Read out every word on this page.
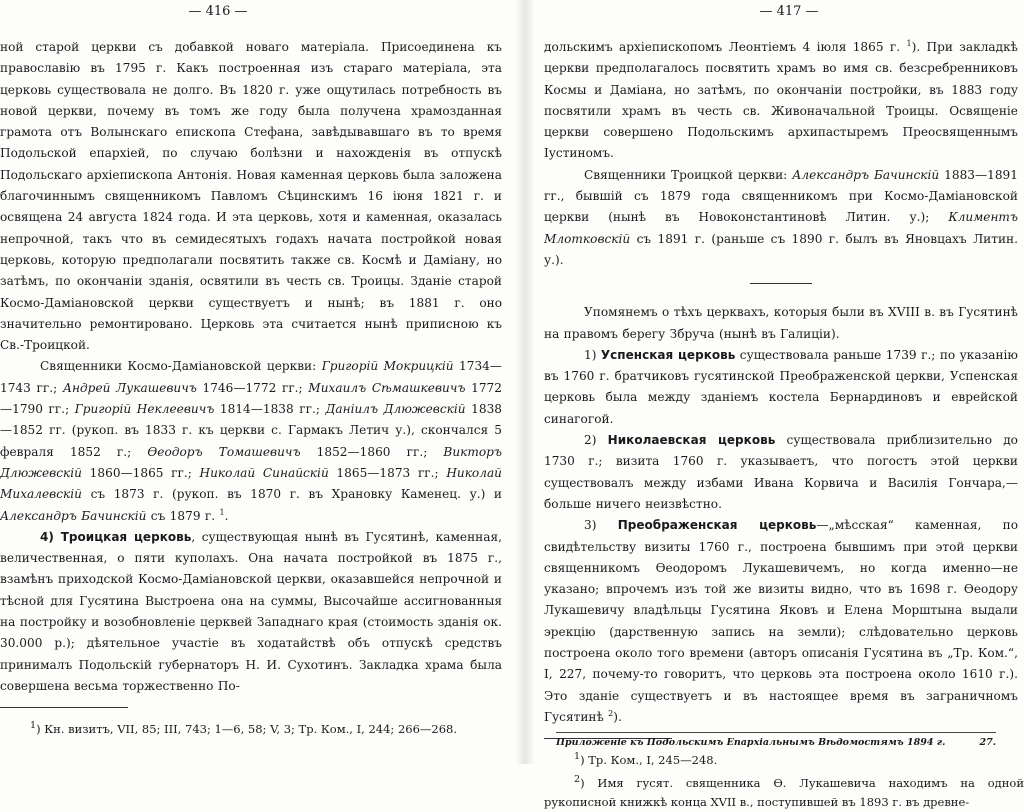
— 416 —

ной старой церкви съ добавкой новаго матеріала. Присоединена къ православію въ 1795 г. Какъ построенная изъ стараго матеріала, эта церковь существовала не долго. Въ 1820 г. уже ощутилась потребность въ новой церкви, почему въ томъ же году была получена храмозданная грамота отъ Волынскаго епископа Стефана, завѣдывавшаго въ то время Подольской епархіей, по случаю болѣзни и нахожденія въ отпускѣ Подольскаго архіепископа Антонія. Новая каменная церковь была заложена благочиннымъ священникомъ Павломъ Сѣцинскимъ 16 іюня 1821 г. и освящена 24 августа 1824 года. И эта церковь, хотя и каменная, оказалась непрочной, такъ что въ семидесятыхъ годахъ начата постройкой новая церковь, которую предполагали посвятить также св. Космѣ и Даміану, но затѣмъ, по окончаніи зданія, освятили въ честь св. Троицы. Зданіе старой Космо-Даміановской церкви существуетъ и нынѣ; въ 1881 г. оно значительно ремонтировано. Церковь эта считается нынѣ приписною къ Св.-Троицкой.

Священники Космо-Даміановской церкви: Григорій Мокрицкій 1734—1743 гг.; Андрей Лукашевичъ 1746—1772 гг.; Михаилъ Сѣмашкевичъ 1772—1790 гг.; Григорій Неклеевичъ 1814—1838 гг.; Даніилъ Длюжевскій 1838—1852 гг. (рукоп. въ 1833 г. къ церкви с. Гармакъ Летич у.), скончался 5 февраля 1852 г.; Ѳеодоръ Томашевичъ 1852—1860 гг.; Викторъ Длюжевскій 1860—1865 гг.; Николай Синайскій 1865—1873 гг.; Николай Михалевскій съ 1873 г. (рукоп. въ 1870 г. въ Храновку Каменец. у.) и Александръ Бачинскій съ 1879 г. $^1$.

4) Троицкая церковь, существующая нынѣ въ Гусятинѣ, каменная, величественная, о пяти куполахъ. Она начата постройкой въ 1875 г., взамѣнъ приходской Космо-Даміановской церкви, оказавшейся непрочной и тѣсной для Гусятина Выстроена она на суммы, Высочайше ассигнованныя на постройку и возобновленіе церквей Западнаго края (стоимость зданія ок. 30.000 р.); дѣятельное участіе въ ходатайствѣ объ отпускѣ средствъ принималъ Подольскій губернаторъ Н. И. Сухотинъ. Закладка храма была совершена весьма торжественно По-

$^1$) Кн. визитъ, VII, 85; III, 743; 1—6, 58; V, 3; Тр. Ком., I, 244; 266—268.

— 417 —

дольскимъ архіепископомъ Леонтіемъ 4 іюля 1865 г. $^1$). При закладкѣ церкви предполагалось посвятить храмъ во имя св. безсребренниковъ Космы и Даміана, но затѣмъ, по окончаніи постройки, въ 1883 году посвятили храмъ въ честь св. Живоначальной Троицы. Освященіе церкви совершено Подольскимъ архипастыремъ Преосвященнымъ Іустиномъ.

Священники Троицкой церкви: Александръ Бачинскій 1883—1891 гг., бывшій съ 1879 года священникомъ при Космо-Даміановской церкви (нынѣ въ Новоконстантиновѣ Литин. у.); Климентъ Млотковскій съ 1891 г. (раньше съ 1890 г. былъ въ Яновцахъ Литин. у.).

Упомянемъ о тѣхъ церквахъ, которыя были въ XVIII в. въ Гусятинѣ на правомъ берегу Збруча (нынѣ въ Галиціи).

1) Успенская церковь существовала раньше 1739 г.; по указанію въ 1760 г. братчиковъ гусятинской Преображенской церкви, Успенская церковь была между зданіемъ костела Бернардиновъ и еврейской синагогой.

2) Николаевская церковь существовала приблизительно до 1730 г.; визита 1760 г. указываетъ, что погостъ этой церкви существовалъ между избами Ивана Корвича и Василія Гончара,—больше ничего неизвѣстно.

3) Преображенская церковь—„мѣсская“ каменная, по свидѣтельству визиты 1760 г., построена бывшимъ при этой церкви священникомъ Ѳеодоромъ Лукашевичемъ, но когда именно—не указано; впрочемъ изъ той же визиты видно, что въ 1698 г. Ѳеодору Лукашевичу владѣльцы Гусятина Яковъ и Елена Морштына выдали эрекцію (дарственную запись на земли); слѣдовательно церковь построена около того времени (авторъ описанія Гусятина въ „Тр. Ком.“, I, 227, почему-то говоритъ, что церковь эта построена около 1610 г.). Это зданіе существуетъ и въ настоящее время въ заграничномъ Гусятинѣ $^2$).

$^1$) Тр. Ком., I, 245—248.

$^2$) Имя гусят. священника Ѳ. Лукашевича находимъ на одной рукописной книжкѣ конца XVII в., поступившей въ 1893 г. въ древне-

Приложеніе къ Подольскимъ Епархіальнымъ Вѣдомостямъ 1894 г.	27.
